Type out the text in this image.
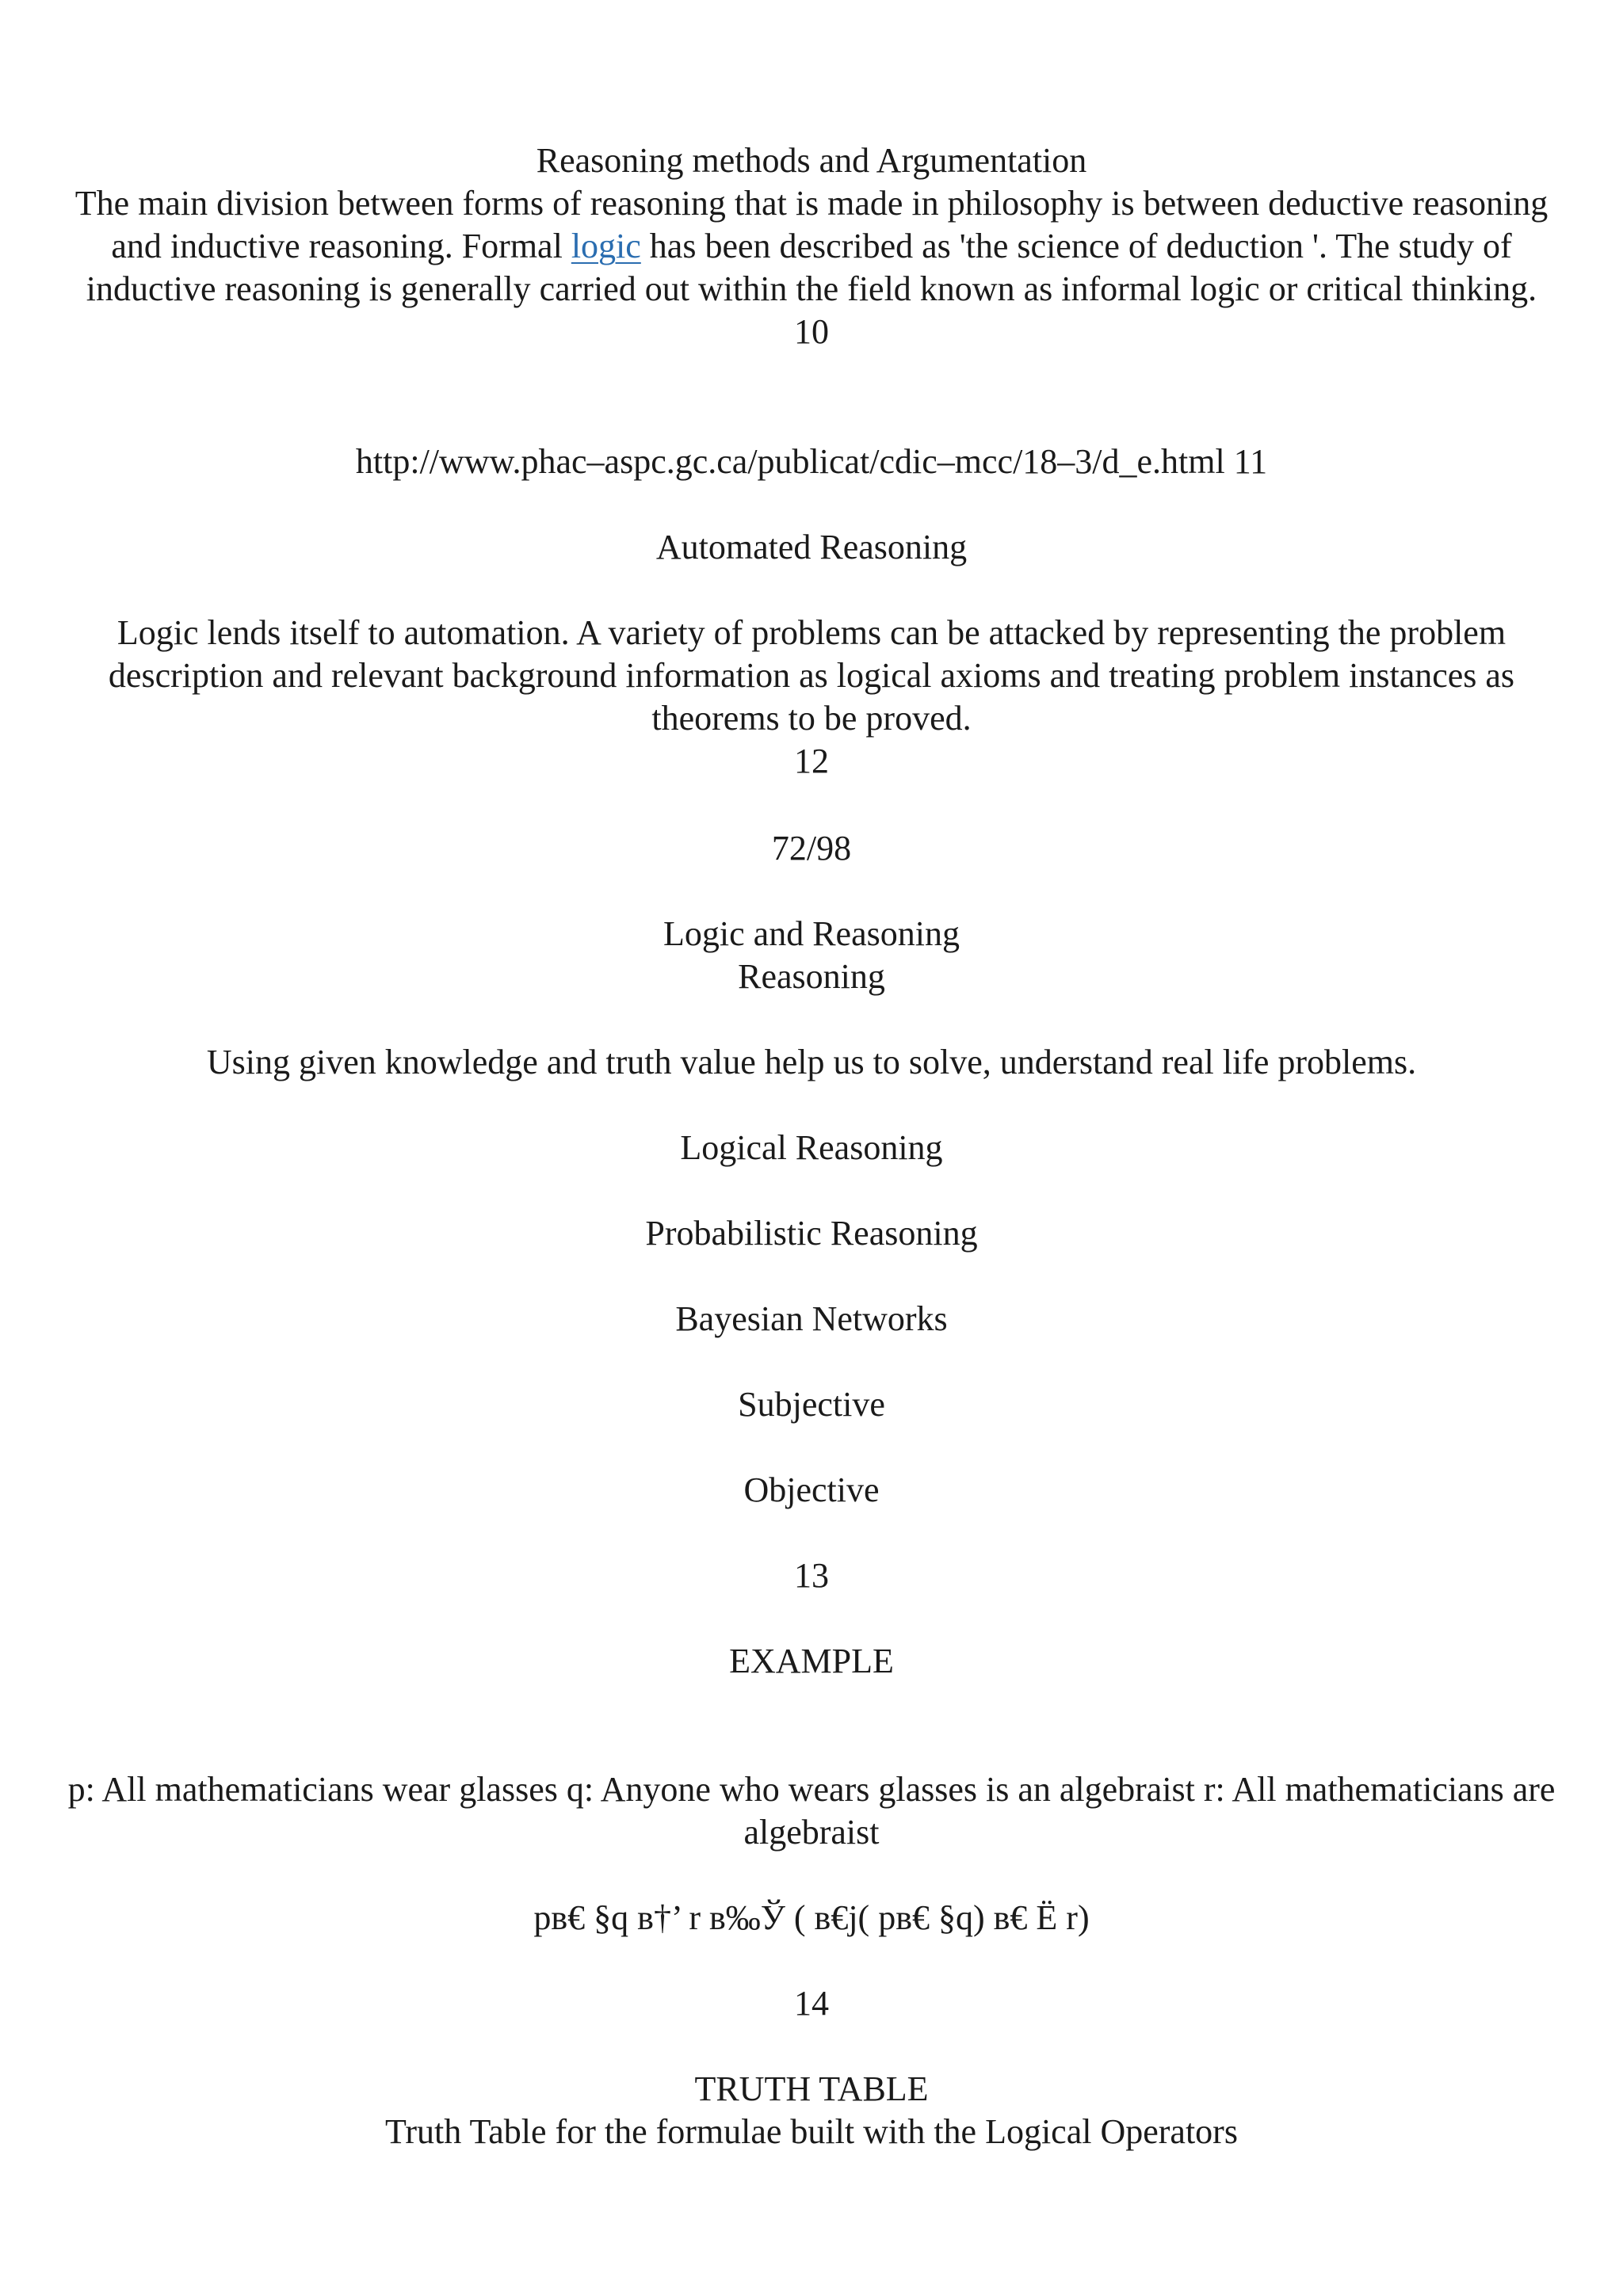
Reasoning methods and Argumentation
The main division between forms of reasoning that is made in philosophy is between deductive reasoning and inductive reasoning. Formal logic has been described as 'the science of deduction '. The study of inductive reasoning is generally carried out within the field known as informal logic or critical thinking.
10
http://www.phac–aspc.gc.ca/publicat/cdic–mcc/18–3/d_e.html 11
Automated Reasoning
Logic lends itself to automation. A variety of problems can be attacked by representing the problem description and relevant background information as logical axioms and treating problem instances as theorems to be proved.
12
72/98
Logic and Reasoning
Reasoning
Using given knowledge and truth value help us to solve, understand real life problems.
Logical Reasoning
Probabilistic Reasoning
Bayesian Networks
Subjective
Objective
13
EXAMPLE
p: All mathematicians wear glasses q: Anyone who wears glasses is an algebraist r: All mathematicians are algebraist
pв€ §q в†’ r в‰Ў ( в€j( pв€ §q) в€ Ё r)
14
TRUTH TABLE
Truth Table for the formulae built with the Logical Operators
